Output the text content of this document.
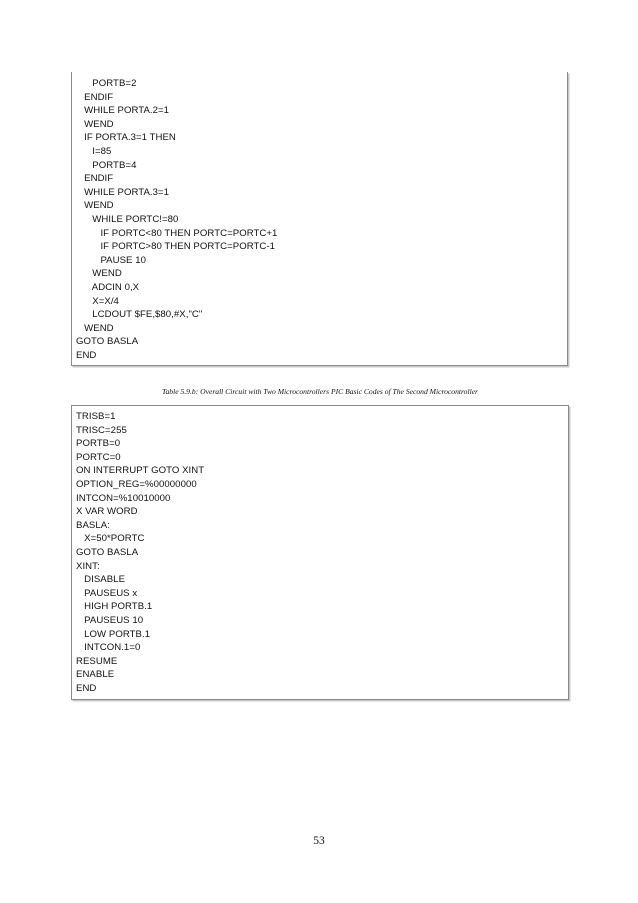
PORTB=2
ENDIF
WHILE PORTA.2=1
WEND
IF PORTA.3=1 THEN
I=85
PORTB=4
ENDIF
WHILE PORTA.3=1
WEND
WHILE PORTC!=80
IF PORTC<80 THEN PORTC=PORTC+1
IF PORTC>80 THEN PORTC=PORTC-1
PAUSE 10
WEND
ADCIN 0,X
X=X/4
LCDOUT $FE,$80,#X,"C"
WEND
GOTO BASLA
END
Table 5.9.b: Overall Circuit with Two Microcontrollers PIC Basic Codes of The Second Microcontroller
TRISB=1
TRISC=255
PORTB=0
PORTC=0
ON INTERRUPT GOTO XINT
OPTION_REG=%00000000
INTCON=%10010000
X VAR WORD
BASLA:
X=50*PORTC
GOTO BASLA
XINT:
DISABLE
PAUSEUS x
HIGH PORTB.1
PAUSEUS 10
LOW PORTB.1
INTCON.1=0
RESUME
ENABLE
END
53
